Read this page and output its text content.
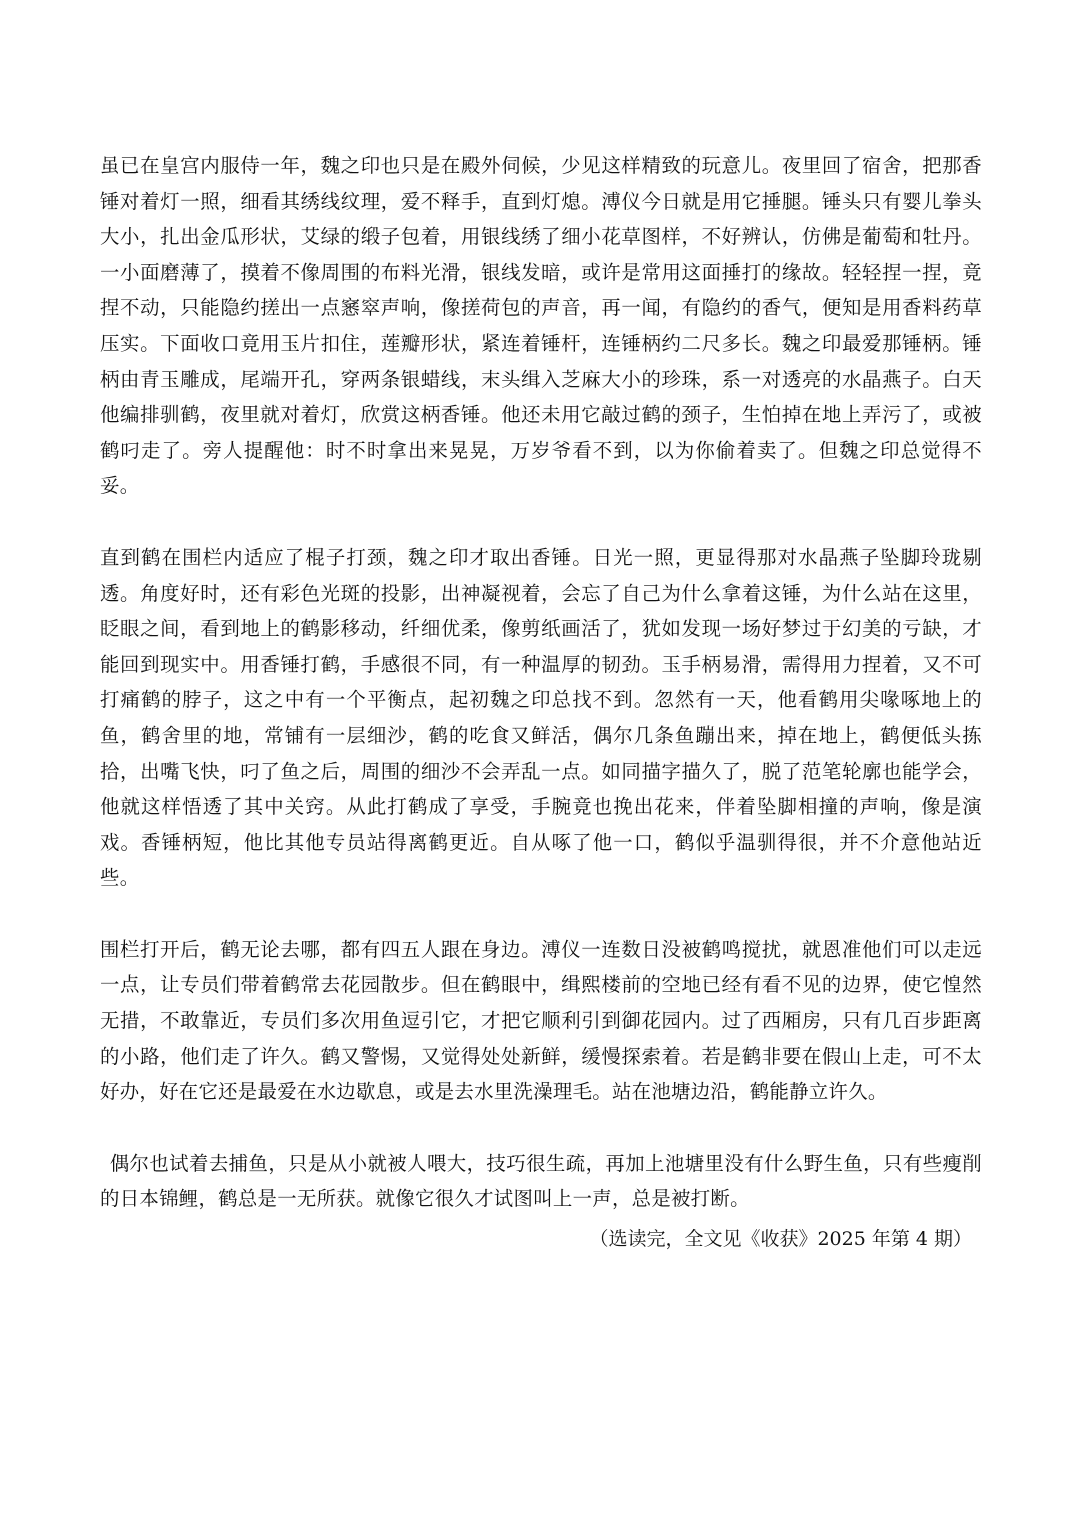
虽已在皇宫内服侍一年，魏之印也只是在殿外伺候，少见这样精致的玩意儿。夜里回了宿舍，把那香锤对着灯一照，细看其绣线纹理，爱不释手，直到灯熄。溥仪今日就是用它捶腿。锤头只有婴儿拳头大小，扎出金瓜形状，艾绿的缎子包着，用银线绣了细小花草图样，不好辨认，仿佛是葡萄和牡丹。一小面磨薄了，摸着不像周围的布料光滑，银线发暗，或许是常用这面捶打的缘故。轻轻捏一捏，竟捏不动，只能隐约搓出一点窸窣声响，像搓荷包的声音，再一闻，有隐约的香气，便知是用香料药草压实。下面收口竟用玉片扣住，莲瓣形状，紧连着锤杆，连锤柄约二尺多长。魏之印最爱那锤柄。锤柄由青玉雕成，尾端开孔，穿两条银蜡线，末头缉入芝麻大小的珍珠，系一对透亮的水晶燕子。白天他编排驯鹤，夜里就对着灯，欣赏这柄香锤。他还未用它敲过鹤的颈子，生怕掉在地上弄污了，或被鹤叼走了。旁人提醒他：时不时拿出来晃晃，万岁爷看不到，以为你偷着卖了。但魏之印总觉得不妥。

直到鹤在围栏内适应了棍子打颈，魏之印才取出香锤。日光一照，更显得那对水晶燕子坠脚玲珑剔透。角度好时，还有彩色光斑的投影，出神凝视着，会忘了自己为什么拿着这锤，为什么站在这里，眨眼之间，看到地上的鹤影移动，纤细优柔，像剪纸画活了，犹如发现一场好梦过于幻美的亏缺，才能回到现实中。用香锤打鹤，手感很不同，有一种温厚的韧劲。玉手柄易滑，需得用力捏着，又不可打痛鹤的脖子，这之中有一个平衡点，起初魏之印总找不到。忽然有一天，他看鹤用尖喙啄地上的鱼，鹤舍里的地，常铺有一层细沙，鹤的吃食又鲜活，偶尔几条鱼蹦出来，掉在地上，鹤便低头拣拾，出嘴飞快，叼了鱼之后，周围的细沙不会弄乱一点。如同描字描久了，脱了范笔轮廓也能学会，他就这样悟透了其中关窍。从此打鹤成了享受，手腕竟也挽出花来，伴着坠脚相撞的声响，像是演戏。香锤柄短，他比其他专员站得离鹤更近。自从啄了他一口，鹤似乎温驯得很，并不介意他站近些。

围栏打开后，鹤无论去哪，都有四五人跟在身边。溥仪一连数日没被鹤鸣搅扰，就恩准他们可以走远一点，让专员们带着鹤常去花园散步。但在鹤眼中，缉熙楼前的空地已经有看不见的边界，使它惶然无措，不敢靠近，专员们多次用鱼逗引它，才把它顺利引到御花园内。过了西厢房，只有几百步距离的小路，他们走了许久。鹤又警惕，又觉得处处新鲜，缓慢探索着。若是鹤非要在假山上走，可不太好办，好在它还是最爱在水边歇息，或是去水里洗澡理毛。站在池塘边沿，鹤能静立许久。

偶尔也试着去捕鱼，只是从小就被人喂大，技巧很生疏，再加上池塘里没有什么野生鱼，只有些瘦削的日本锦鲤，鹤总是一无所获。就像它很久才试图叫上一声，总是被打断。

（选读完，全文见《收获》2025 年第 4 期）
